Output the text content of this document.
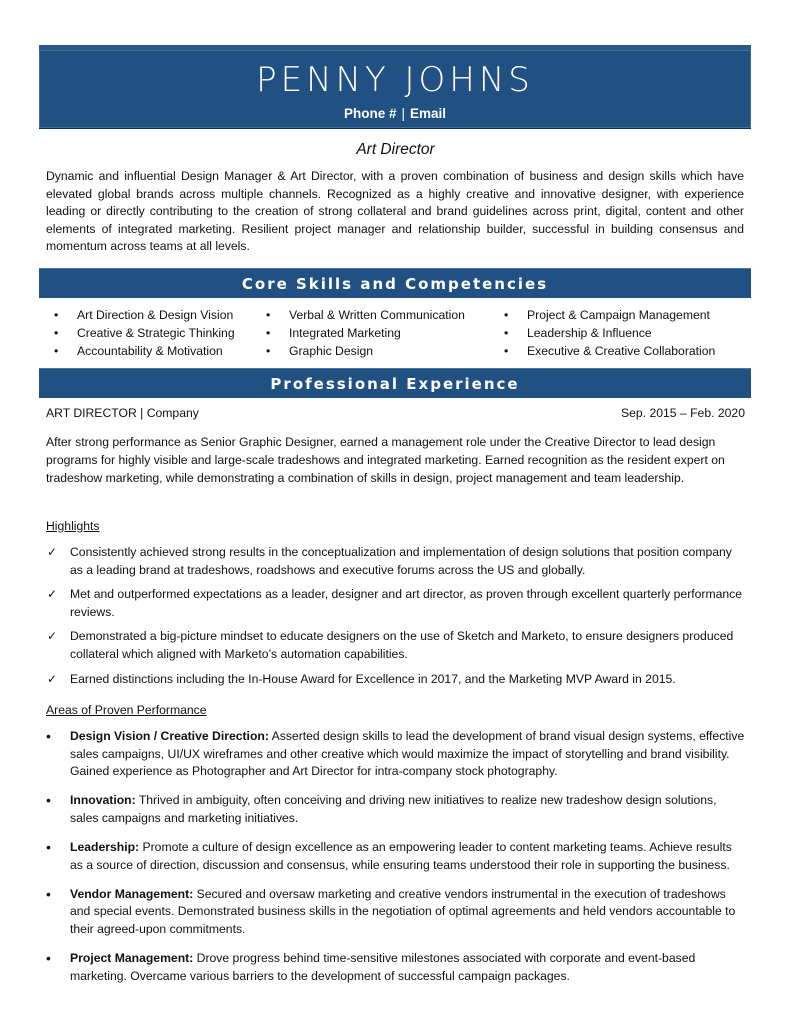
PENNY JOHNS
Phone # | Email
Art Director

Dynamic and influential Design Manager & Art Director, with a proven combination of business and design skills which have elevated global brands across multiple channels. Recognized as a highly creative and innovative designer, with experience leading or directly contributing to the creation of strong collateral and brand guidelines across print, digital, content and other elements of integrated marketing. Resilient project manager and relationship builder, successful in building consensus and momentum across teams at all levels.

Core Skills and Competencies
•	Art Direction & Design Vision	•	Verbal & Written Communication	•	Project & Campaign Management
•	Creative & Strategic Thinking	•	Integrated Marketing	•	Leadership & Influence
•	Accountability & Motivation	•	Graphic Design	•	Executive & Creative Collaboration
Professional Experience
ART DIRECTOR | Company	Sep. 2015 – Feb. 2020

After strong performance as Senior Graphic Designer, earned a management role under the Creative Director to lead design programs for highly visible and large-scale tradeshows and integrated marketing. Earned recognition as the resident expert on tradeshow marketing, while demonstrating a combination of skills in design, project management and team leadership.

Highlights
✓ Consistently achieved strong results in the conceptualization and implementation of design solutions that position company as a leading brand at tradeshows, roadshows and executive forums across the US and globally.
✓ Met and outperformed expectations as a leader, designer and art director, as proven through excellent quarterly performance reviews.
✓ Demonstrated a big-picture mindset to educate designers on the use of Sketch and Marketo, to ensure designers produced collateral which aligned with Marketo’s automation capabilities.
✓ Earned distinctions including the In-House Award for Excellence in 2017, and the Marketing MVP Award in 2015.
Areas of Proven Performance
• Design Vision / Creative Direction: Asserted design skills to lead the development of brand visual design systems, effective sales campaigns, UI/UX wireframes and other creative which would maximize the impact of storytelling and brand visibility. Gained experience as Photographer and Art Director for intra-company stock photography.
• Innovation: Thrived in ambiguity, often conceiving and driving new initiatives to realize new tradeshow design solutions, sales campaigns and marketing initiatives.
• Leadership: Promote a culture of design excellence as an empowering leader to content marketing teams. Achieve results as a source of direction, discussion and consensus, while ensuring teams understood their role in supporting the business.
• Vendor Management: Secured and oversaw marketing and creative vendors instrumental in the execution of tradeshows and special events. Demonstrated business skills in the negotiation of optimal agreements and held vendors accountable to their agreed-upon commitments.
• Project Management: Drove progress behind time-sensitive milestones associated with corporate and event-based marketing. Overcame various barriers to the development of successful campaign packages.
